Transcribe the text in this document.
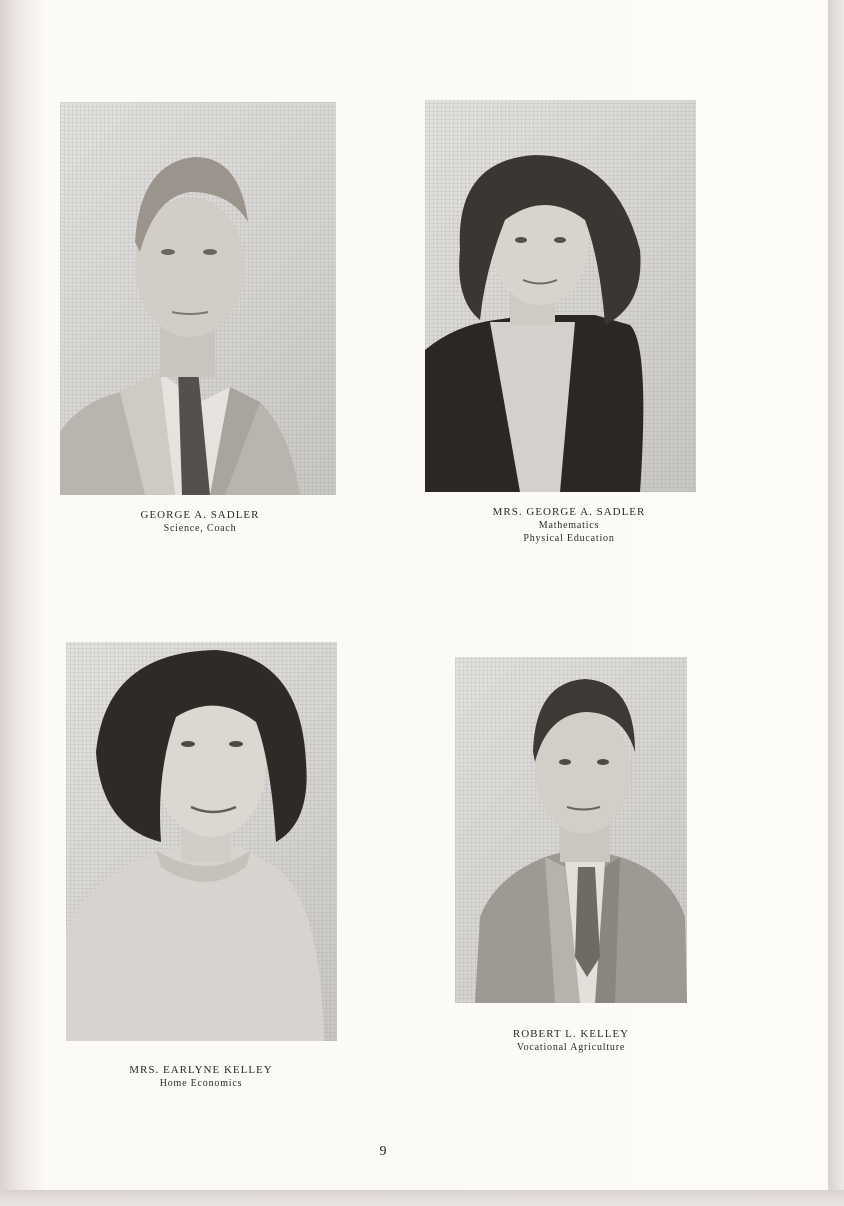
GEORGE A. SADLER
Science, Coach
MRS. GEORGE A. SADLER
Mathematics
Physical Education
MRS. EARLYNE KELLEY
Home Economics
ROBERT L. KELLEY
Vocational Agriculture
9
